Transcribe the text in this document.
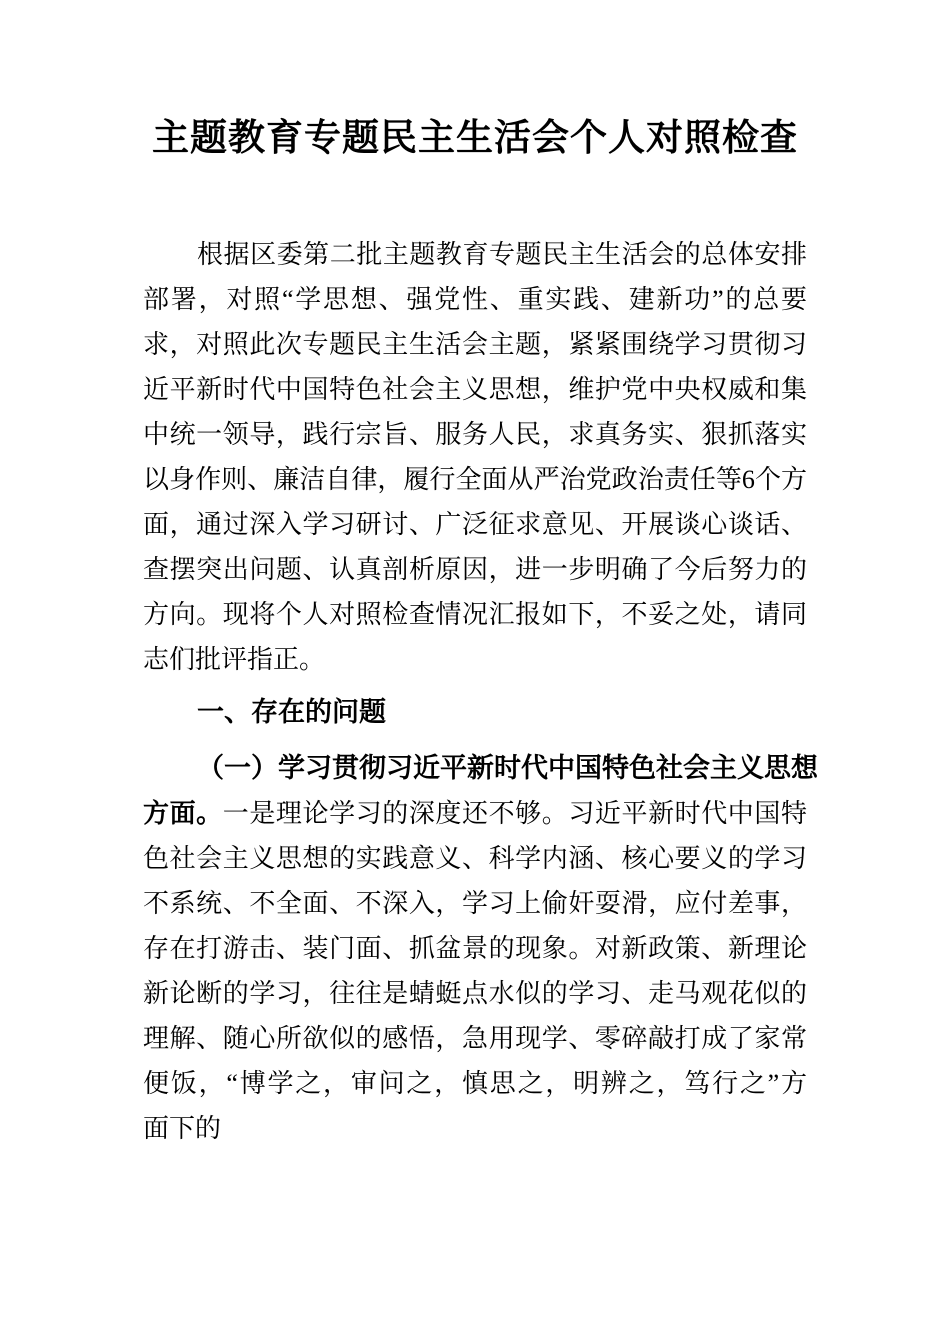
主题教育专题民主生活会个人对照检查
根据区委第二批主题教育专题民主生活会的总体安排
部署，对照“学思想、强党性、重实践、建新功”的总要
求，对照此次专题民主生活会主题，紧紧围绕学习贯彻习
近平新时代中国特色社会主义思想，维护党中央权威和集
中统一领导，践行宗旨、服务人民，求真务实、狠抓落实
以身作则、廉洁自律，履行全面从严治党政治责任等6个方
面，通过深入学习研讨、广泛征求意见、开展谈心谈话、
查摆突出问题、认真剖析原因，进一步明确了今后努力的
方向。现将个人对照检查情况汇报如下，不妥之处，请同
志们批评指正。
一、存在的问题
（一）学习贯彻习近平新时代中国特色社会主义思想
方面。一是理论学习的深度还不够。习近平新时代中国特
色社会主义思想的实践意义、科学内涵、核心要义的学习
不系统、不全面、不深入，学习上偷奸耍滑，应付差事，
存在打游击、装门面、抓盆景的现象。对新政策、新理论
新论断的学习，往往是蜻蜓点水似的学习、走马观花似的
理解、随心所欲似的感悟，急用现学、零碎敲打成了家常
便饭，“博学之，审问之，慎思之，明辨之，笃行之”方
面下的
